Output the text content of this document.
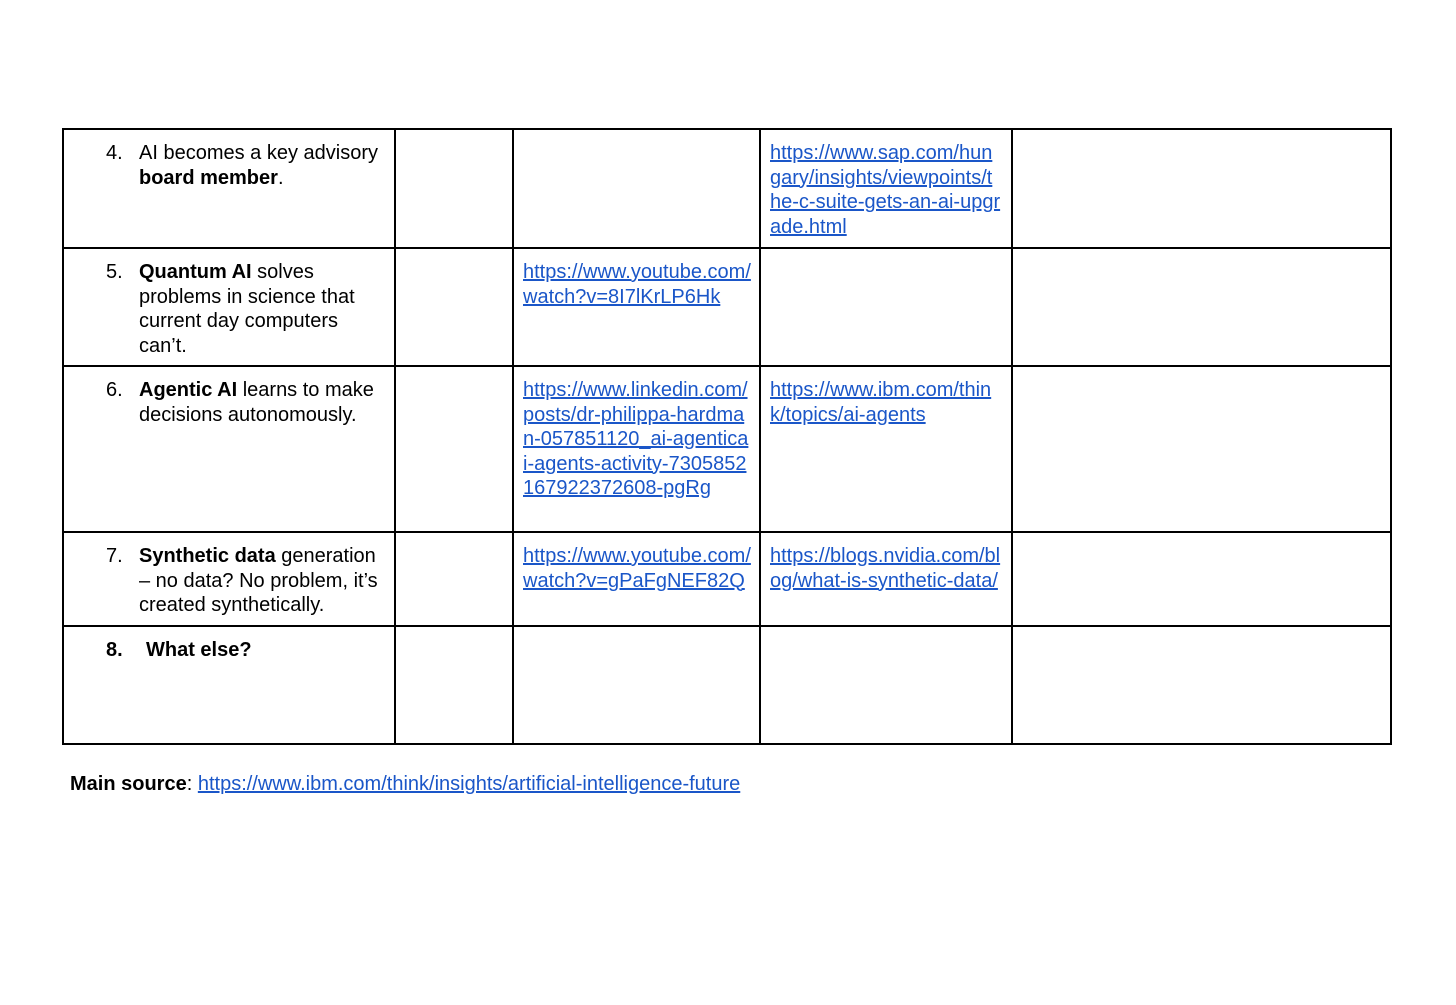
4. AI becomes a key advisory board member.			https://www.sap.com/hungary/insights/viewpoints/the-c-suite-gets-an-ai-upgrade.html	

5. Quantum AI solves problems in science that current day computers can’t.		https://www.youtube.com/watch?v=8I7lKrLP6Hk		

6. Agentic AI learns to make decisions autonomously.		https://www.linkedin.com/posts/dr-philippa-hardman-057851120_ai-agenticai-agents-activity-7305852167922372608-pgRg	https://www.ibm.com/think/topics/ai-agents	

7. Synthetic data generation – no data? No problem, it’s created synthetically.		https://www.youtube.com/watch?v=gPaFgNEF82Q	https://blogs.nvidia.com/blog/what-is-synthetic-data/	

8. What else?				

Main source: https://www.ibm.com/think/insights/artificial-intelligence-future
